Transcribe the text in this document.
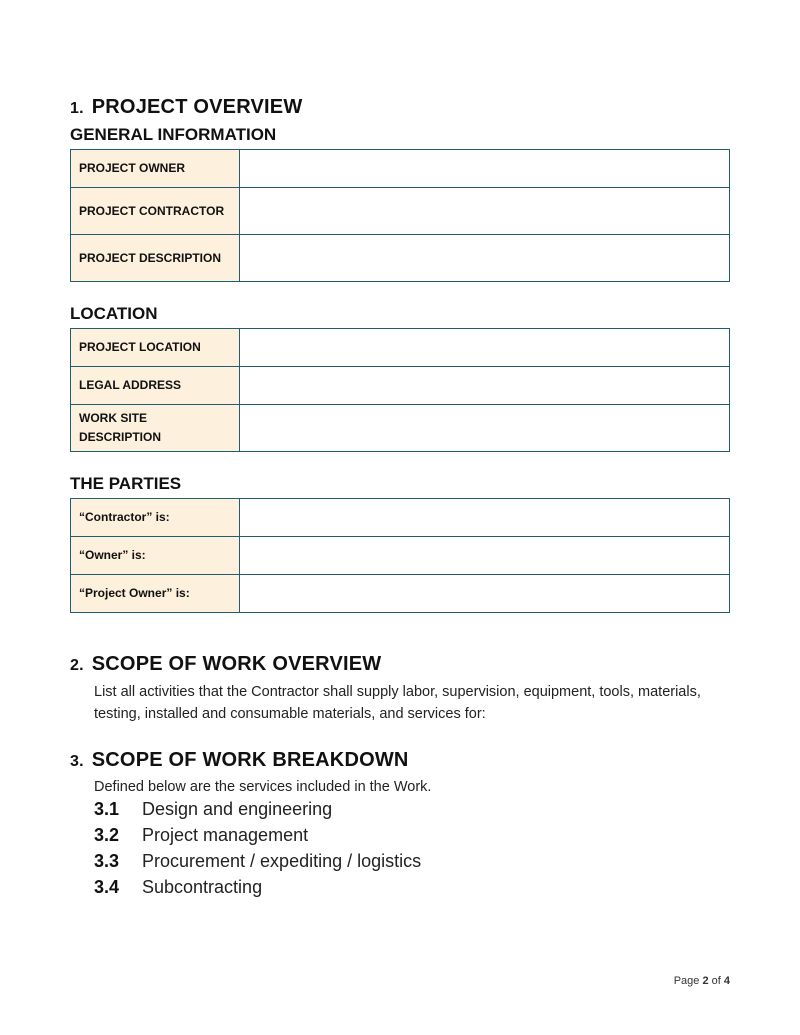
1. PROJECT OVERVIEW
GENERAL INFORMATION
PROJECT OWNER	
PROJECT CONTRACTOR	
PROJECT DESCRIPTION	
LOCATION
PROJECT LOCATION	
LEGAL ADDRESS	
WORK SITE DESCRIPTION	
THE PARTIES
“Contractor” is:	
“Owner” is:	
“Project Owner” is:	
2. SCOPE OF WORK OVERVIEW
List all activities that the Contractor shall supply labor, supervision, equipment, tools, materials, testing, installed and consumable materials, and services for:
3. SCOPE OF WORK BREAKDOWN
Defined below are the services included in the Work.
3.1 Design and engineering
3.2 Project management
3.3 Procurement / expediting / logistics
3.4 Subcontracting
Page 2 of 4
